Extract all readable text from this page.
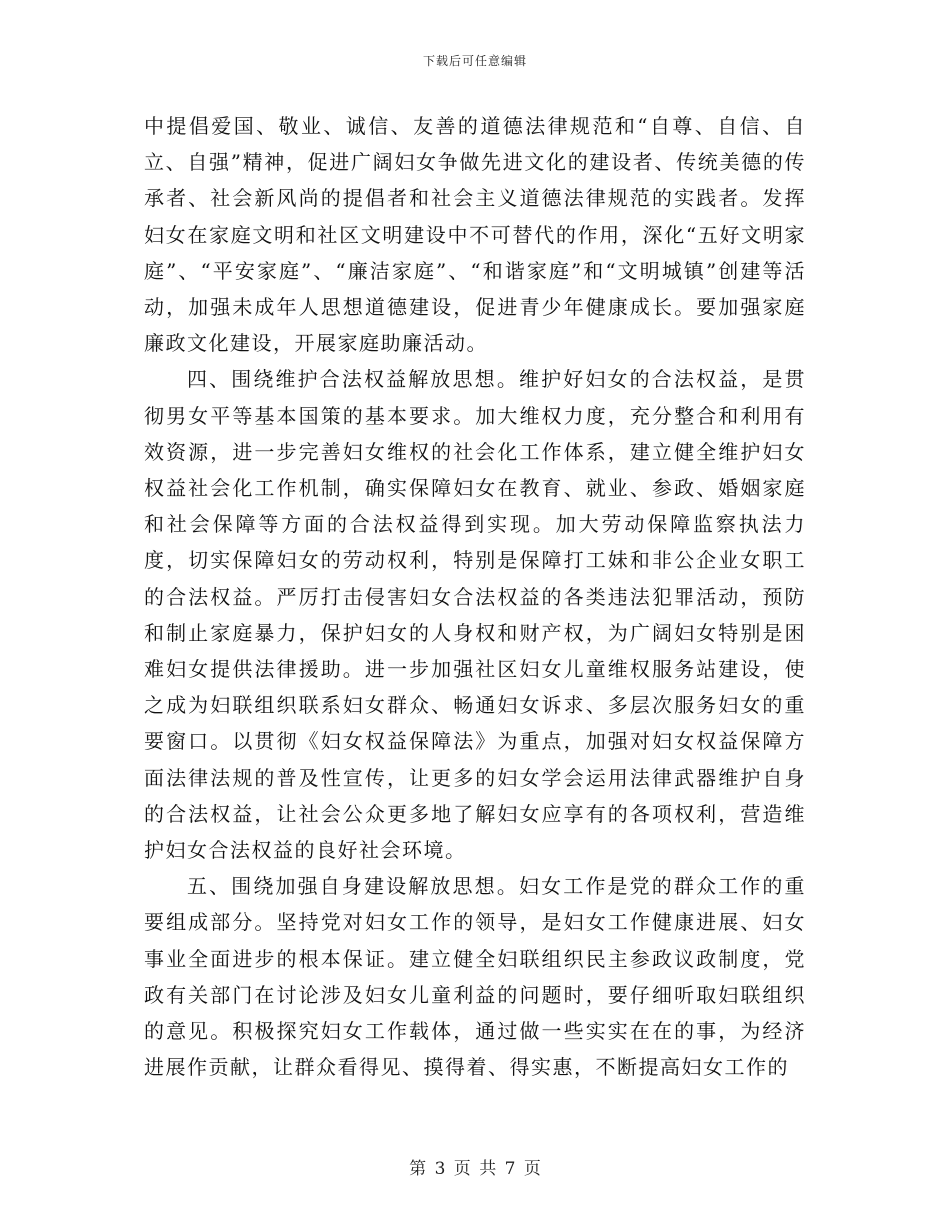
下载后可任意编辑

中提倡爱国、敬业、诚信、友善的道德法律规范和“自尊、自信、自立、自强”精神，促进广阔妇女争做先进文化的建设者、传统美德的传承者、社会新风尚的提倡者和社会主义道德法律规范的实践者。发挥妇女在家庭文明和社区文明建设中不可替代的作用，深化“五好文明家庭”、“平安家庭”、“廉洁家庭”、“和谐家庭”和“文明城镇”创建等活动，加强未成年人思想道德建设，促进青少年健康成长。要加强家庭廉政文化建设，开展家庭助廉活动。

四、围绕维护合法权益解放思想。维护好妇女的合法权益，是贯彻男女平等基本国策的基本要求。加大维权力度，充分整合和利用有效资源，进一步完善妇女维权的社会化工作体系，建立健全维护妇女权益社会化工作机制，确实保障妇女在教育、就业、参政、婚姻家庭和社会保障等方面的合法权益得到实现。加大劳动保障监察执法力度，切实保障妇女的劳动权利，特别是保障打工妹和非公企业女职工的合法权益。严厉打击侵害妇女合法权益的各类违法犯罪活动，预防和制止家庭暴力，保护妇女的人身权和财产权，为广阔妇女特别是困难妇女提供法律援助。进一步加强社区妇女儿童维权服务站建设，使之成为妇联组织联系妇女群众、畅通妇女诉求、多层次服务妇女的重要窗口。以贯彻《妇女权益保障法》为重点，加强对妇女权益保障方面法律法规的普及性宣传，让更多的妇女学会运用法律武器维护自身的合法权益，让社会公众更多地了解妇女应享有的各项权利，营造维护妇女合法权益的良好社会环境。

五、围绕加强自身建设解放思想。妇女工作是党的群众工作的重要组成部分。坚持党对妇女工作的领导，是妇女工作健康进展、妇女事业全面进步的根本保证。建立健全妇联组织民主参政议政制度，党政有关部门在讨论涉及妇女儿童利益的问题时，要仔细听取妇联组织的意见。积极探究妇女工作载体，通过做一些实实在在的事，为经济进展作贡献，让群众看得见、摸得着、得实惠，不断提高妇女工作的

第 3 页 共 7 页
